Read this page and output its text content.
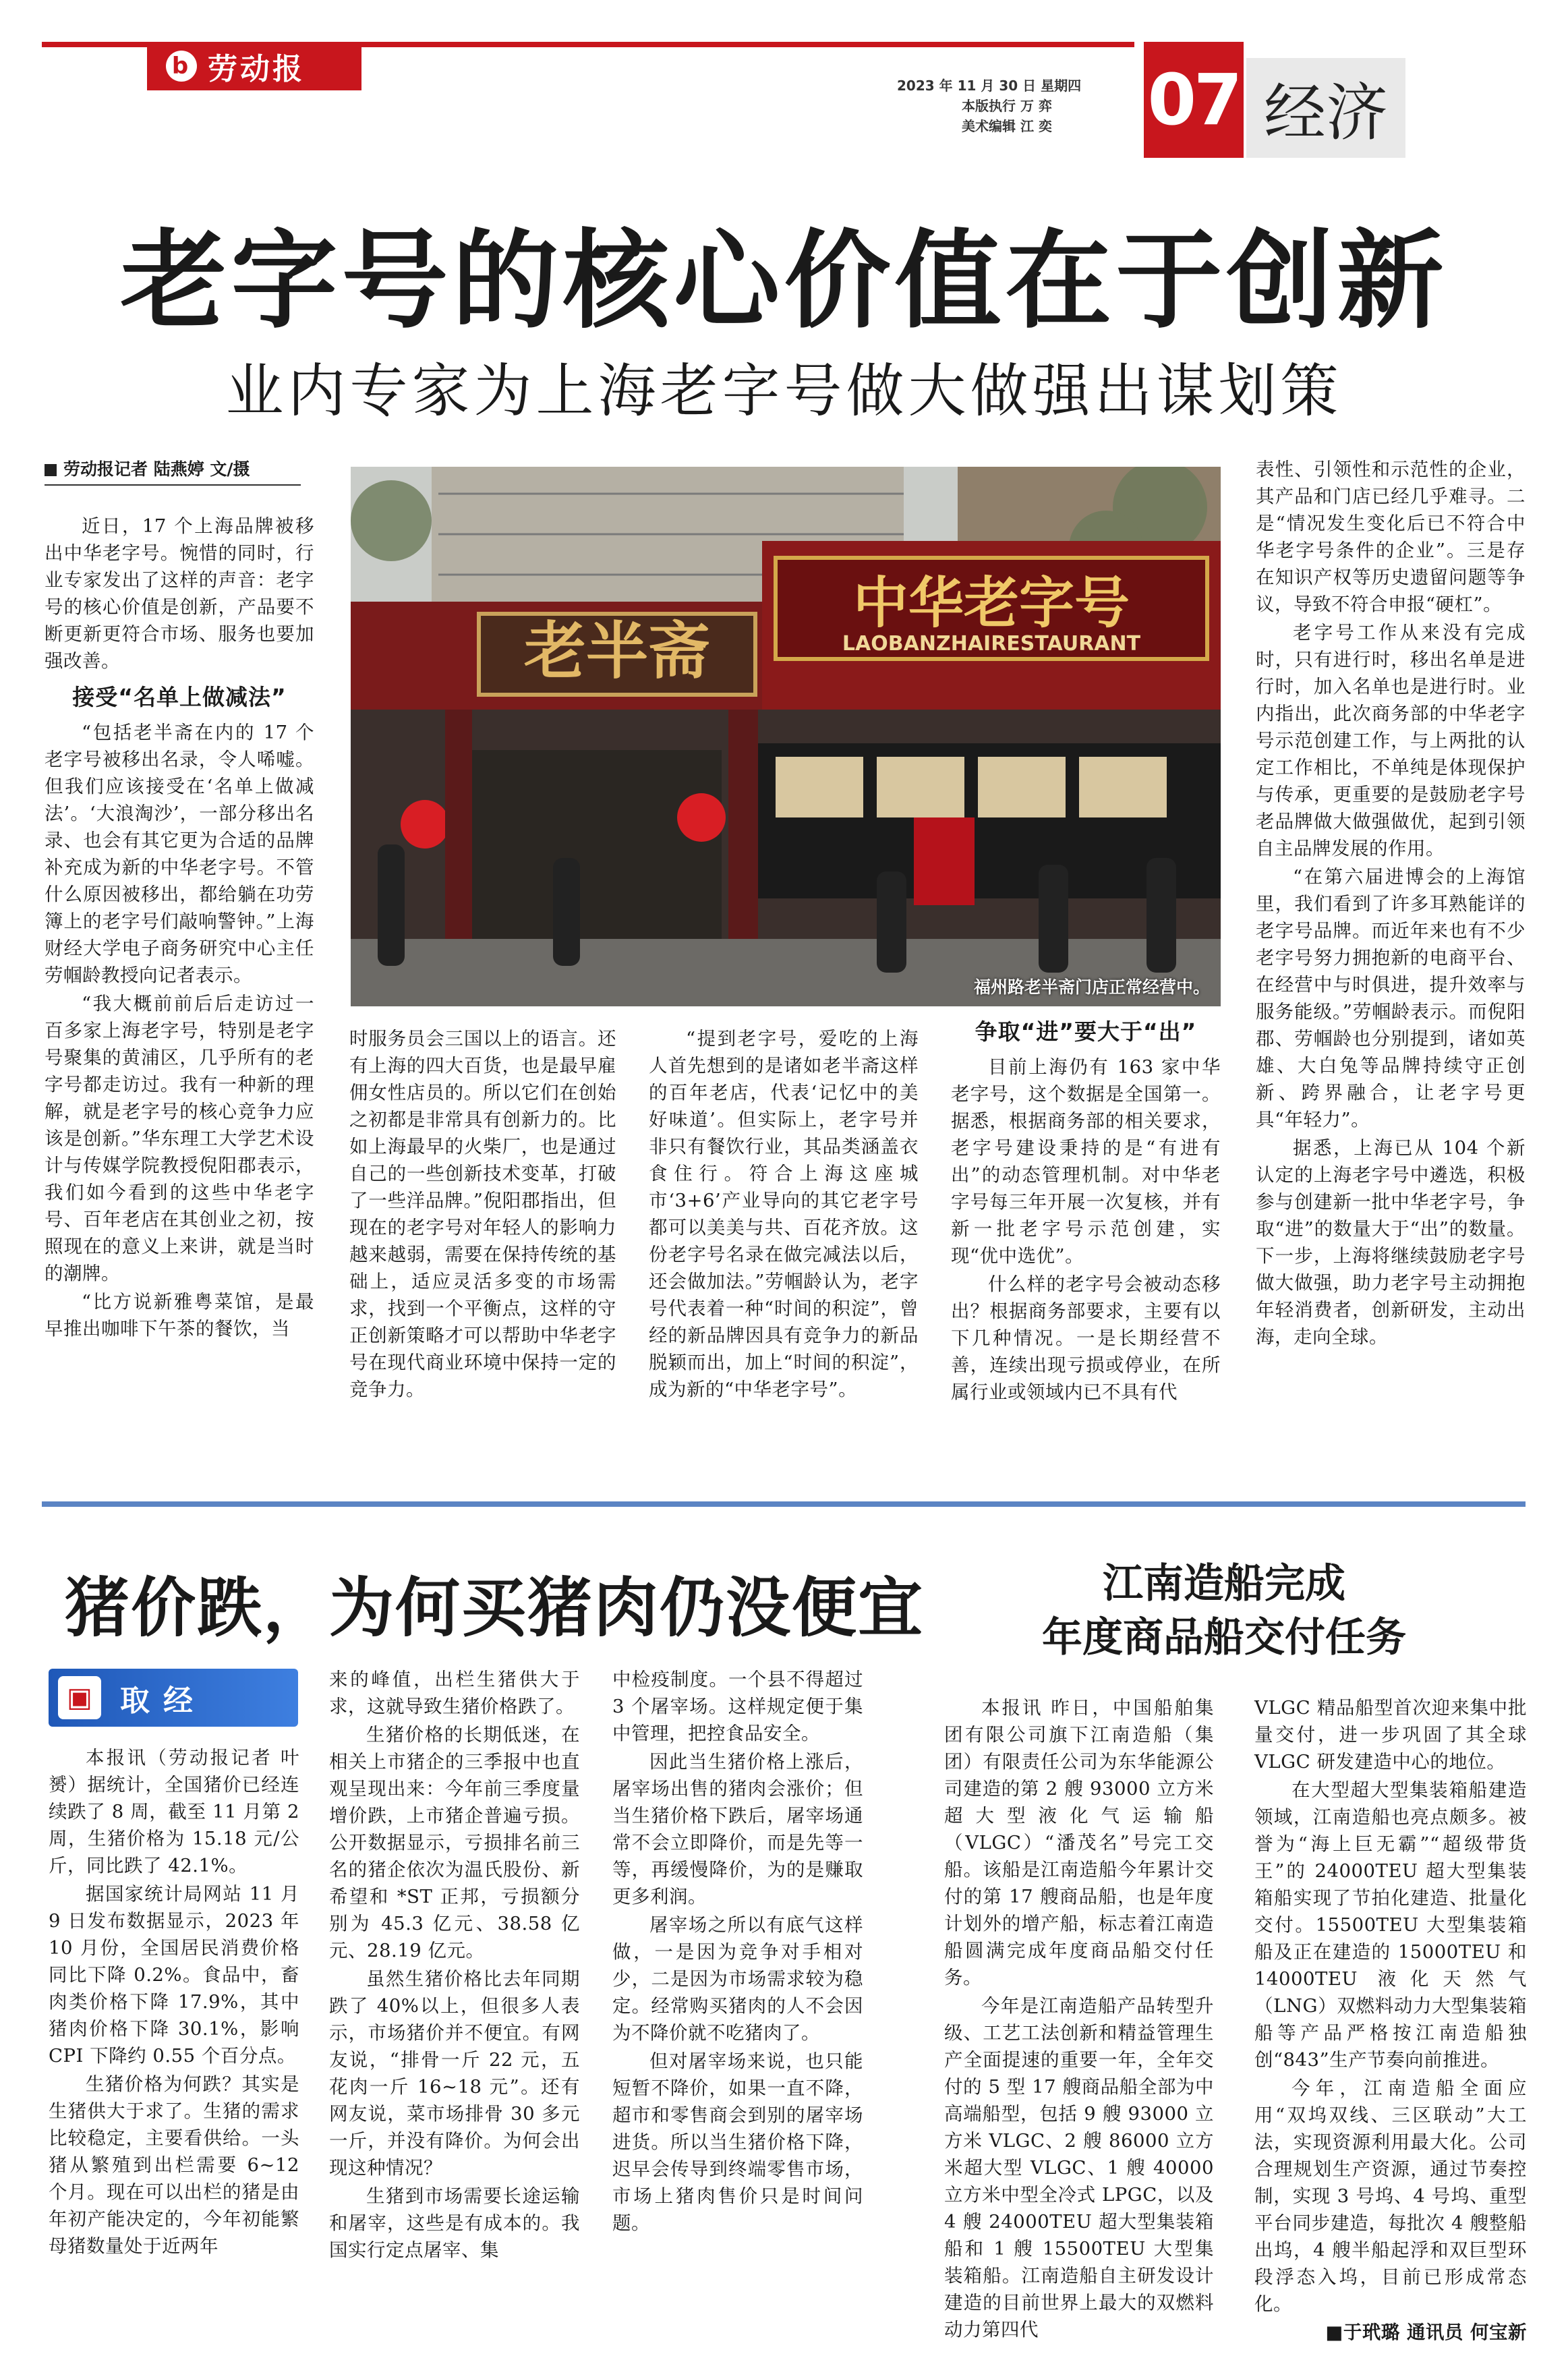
b 劳动报	2023 年 11 月 30 日 星期四
本版执行 万 弈
美术编辑 江 奕	07 经济
老字号的核心价值在于创新
业内专家为上海老字号做大做强出谋划策
劳动报记者 陆燕婷 文/摄

近日，17 个上海品牌被移出中华老字号。惋惜的同时，行业专家发出了这样的声音：老字号的核心价值是创新，产品要不断更新更符合市场、服务也要加强改善。

接受“名单上做减法”

“包括老半斋在内的 17 个老字号被移出名录，令人唏嘘。但我们应该接受在‘名单上做减法’。‘大浪淘沙’，一部分移出名录、也会有其它更为合适的品牌补充成为新的中华老字号。不管什么原因被移出，都给躺在功劳簿上的老字号们敲响警钟。”上海财经大学电子商务研究中心主任劳帼龄教授向记者表示。

“我大概前前后后走访过一百多家上海老字号，特别是老字号聚集的黄浦区，几乎所有的老字号都走访过。我有一种新的理解，就是老字号的核心竞争力应该是创新。”华东理工大学艺术设计与传媒学院教授倪阳郡表示，我们如今看到的这些中华老字号、百年老店在其创业之初，按照现在的意义上来讲，就是当时的潮牌。

“比方说新雅粤菜馆，是最早推出咖啡下午茶的餐饮，当

老半斋
中华老字号
LAOBANZHAIRESTAURANT
福州路老半斋门店正常经营中。

时服务员会三国以上的语言。还有上海的四大百货，也是最早雇佣女性店员的。所以它们在创始之初都是非常具有创新力的。比如上海最早的火柴厂，也是通过自己的一些创新技术变革，打破了一些洋品牌。”倪阳郡指出，但现在的老字号对年轻人的影响力越来越弱，需要在保持传统的基础上，适应灵活多变的市场需求，找到一个平衡点，这样的守正创新策略才可以帮助中华老字号在现代商业环境中保持一定的竞争力。

“提到老字号，爱吃的上海人首先想到的是诸如老半斋这样的百年老店，代表‘记忆中的美好味道’。但实际上，老字号并非只有餐饮行业，其品类涵盖衣食住行。符合上海这座城市‘3+6’产业导向的其它老字号都可以美美与共、百花齐放。这份老字号名录在做完减法以后，还会做加法。”劳帼龄认为，老字号代表着一种“时间的积淀”，曾经的新品牌因具有竞争力的新品脱颖而出，加上“时间的积淀”，成为新的“中华老字号”。

争取“进”要大于“出”

目前上海仍有 163 家中华老字号，这个数据是全国第一。据悉，根据商务部的相关要求，老字号建设秉持的是“有进有出”的动态管理机制。对中华老字号每三年开展一次复核，并有新一批老字号示范创建，实现“优中选优”。

什么样的老字号会被动态移出？根据商务部要求，主要有以下几种情况。一是长期经营不善，连续出现亏损或停业，在所属行业或领域内已不具有代

表性、引领性和示范性的企业，其产品和门店已经几乎难寻。二是“情况发生变化后已不符合中华老字号条件的企业”。三是存在知识产权等历史遗留问题等争议，导致不符合申报“硬杠”。

老字号工作从来没有完成时，只有进行时，移出名单是进行时，加入名单也是进行时。业内指出，此次商务部的中华老字号示范创建工作，与上两批的认定工作相比，不单纯是体现保护与传承，更重要的是鼓励老字号老品牌做大做强做优，起到引领自主品牌发展的作用。

“在第六届进博会的上海馆里，我们看到了许多耳熟能详的老字号品牌。而近年来也有不少老字号努力拥抱新的电商平台、在经营中与时俱进，提升效率与服务能级。”劳帼龄表示。而倪阳郡、劳帼龄也分别提到，诸如英雄、大白兔等品牌持续守正创新、跨界融合，让老字号更具“年轻力”。

据悉，上海已从 104 个新认定的上海老字号中遴选，积极参与创建新一批中华老字号，争取“进”的数量大于“出”的数量。下一步，上海将继续鼓励老字号做大做强，助力老字号主动拥抱年轻消费者，创新研发，主动出海，走向全球。

猪价跌，为何买猪肉仍没便宜
▣ 取经

本报讯（劳动报记者 叶赟）据统计，全国猪价已经连续跌了 8 周，截至 11 月第 2 周，生猪价格为 15.18 元/公斤，同比跌了 42.1%。

据国家统计局网站 11 月 9 日发布数据显示，2023 年 10 月份，全国居民消费价格同比下降 0.2%。食品中，畜肉类价格下降 17.9%，其中猪肉价格下降 30.1%，影响 CPI 下降约 0.55 个百分点。

生猪价格为何跌？其实是生猪供大于求了。生猪的需求比较稳定，主要看供给。一头猪从繁殖到出栏需要 6~12 个月。现在可以出栏的猪是由年初产能决定的，今年初能繁母猪数量处于近两年

来的峰值，出栏生猪供大于求，这就导致生猪价格跌了。

生猪价格的长期低迷，在相关上市猪企的三季报中也直观呈现出来：今年前三季度量增价跌，上市猪企普遍亏损。公开数据显示，亏损排名前三名的猪企依次为温氏股份、新希望和 *ST 正邦，亏损额分别为 45.3 亿元、38.58 亿元、28.19 亿元。

虽然生猪价格比去年同期跌了 40%以上，但很多人表示，市场猪价并不便宜。有网友说，“排骨一斤 22 元，五花肉一斤 16~18 元”。还有网友说，菜市场排骨 30 多元一斤，并没有降价。为何会出现这种情况？

生猪到市场需要长途运输和屠宰，这些是有成本的。我国实行定点屠宰、集

中检疫制度。一个县不得超过 3 个屠宰场。这样规定便于集中管理，把控食品安全。

因此当生猪价格上涨后，屠宰场出售的猪肉会涨价；但当生猪价格下跌后，屠宰场通常不会立即降价，而是先等一等，再缓慢降价，为的是赚取更多利润。

屠宰场之所以有底气这样做，一是因为竞争对手相对少，二是因为市场需求较为稳定。经常购买猪肉的人不会因为不降价就不吃猪肉了。

但对屠宰场来说，也只能短暂不降价，如果一直不降，超市和零售商会到别的屠宰场进货。所以当生猪价格下降，迟早会传导到终端零售市场，市场上猪肉售价只是时间问题。

江南造船完成
年度商品船交付任务

本报讯 昨日，中国船舶集团有限公司旗下江南造船（集团）有限责任公司为东华能源公司建造的第 2 艘 93000 立方米超大型液化气运输船（VLGC）“潘茂名”号完工交船。该船是江南造船今年累计交付的第 17 艘商品船，也是年度计划外的增产船，标志着江南造船圆满完成年度商品船交付任务。

今年是江南造船产品转型升级、工艺工法创新和精益管理生产全面提速的重要一年，全年交付的 5 型 17 艘商品船全部为中高端船型，包括 9 艘 93000 立方米 VLGC、2 艘 86000 立方米超大型 VLGC、1 艘 40000 立方米中型全冷式 LPGC，以及 4 艘 24000TEU 超大型集装箱船和 1 艘 15500TEU 大型集装箱船。江南造船自主研发设计建造的目前世界上最大的双燃料动力第四代

VLGC 精品船型首次迎来集中批量交付，进一步巩固了其全球 VLGC 研发建造中心的地位。

在大型超大型集装箱船建造领域，江南造船也亮点颇多。被誉为“海上巨无霸”“超级带货王”的 24000TEU 超大型集装箱船实现了节拍化建造、批量化交付。15500TEU 大型集装箱船及正在建造的 15000TEU 和 14000TEU 液化天然气（LNG）双燃料动力大型集装箱船等产品严格按江南造船独创“843”生产节奏向前推进。

今年，江南造船全面应用“双坞双线、三区联动”大工法，实现资源利用最大化。公司合理规划生产资源，通过节奏控制，实现 3 号坞、4 号坞、重型平台同步建造，每批次 4 艘整船出坞，4 艘半船起浮和双巨型环段浮态入坞，目前已形成常态化。

■于玳璐 通讯员 何宝新
